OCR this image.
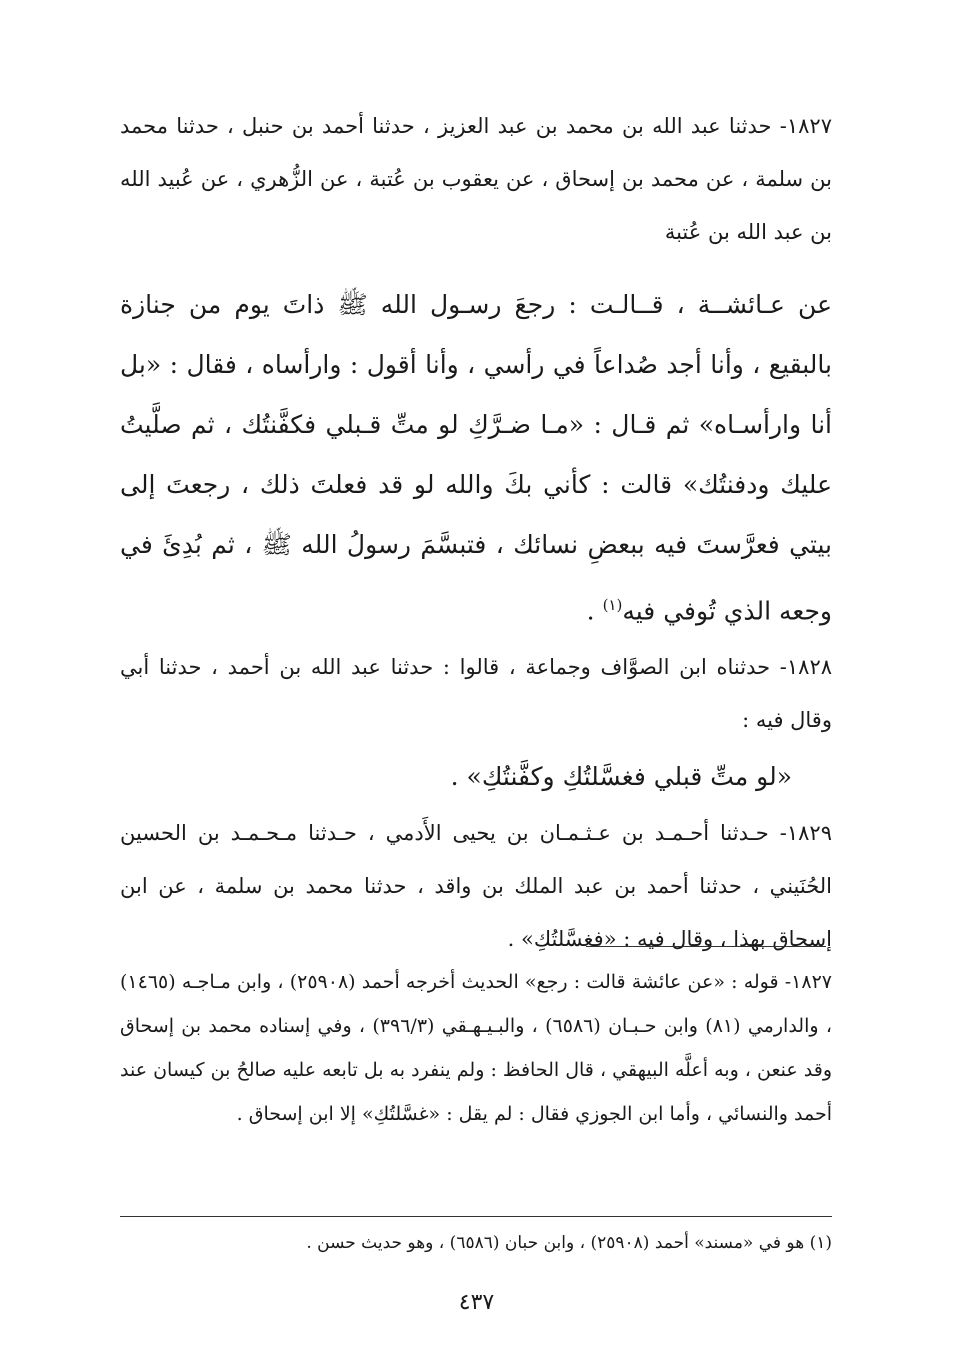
١٨٢٧- حدثنا عبد الله بن محمد بن عبد العزيز ، حدثنا أحمد بن حنبل ، حدثنا محمد بن سلمة ، عن محمد بن إسحاق ، عن يعقوب بن عُتبة ، عن الزُّهري ، عن عُبيد الله بن عبد الله بن عُتبة

عن عـائشــة ، قــالـت : رجعَ رسـول الله ﷺ ذاتَ يوم من جنازة بالبقيع ، وأنا أجد صُداعاً في رأسي ، وأنا أقول : وارأساه ، فقال : «بل أنا وارأسـاه» ثم قـال : «مـا ضـرَّكِ لو متِّ قـبلي فكفَّنتُك ، ثم صلَّيتُ عليك ودفنتُك» قالت : كأني بكَ والله لو قد فعلتَ ذلك ، رجعتَ إلى بيتي فعرَّستَ فيه ببعضِ نسائك ، فتبسَّمَ رسولُ الله ﷺ ، ثم بُدِئَ في وجعه الذي تُوفي فيه$^{(١)}$ .

١٨٢٨- حدثناه ابن الصوَّاف وجماعة ، قالوا : حدثنا عبد الله بن أحمد ، حدثنا أبي وقال فيه :

«لو متِّ قبلي فغسَّلتُكِ وكفَّنتُكِ» .

١٨٢٩- حـدثنا أحـمـد بن عـثـمـان بن يحيى الأَدمي ، حـدثنا مـحـمـد بن الحسين الحُنَيني ، حدثنا أحمد بن عبد الملك بن واقد ، حدثنا محمد بن سلمة ، عن ابن إسحاق بهذا ، وقال فيه : «فغسَّلتُكِ» .

١٨٢٧- قوله : «عن عائشة قالت : رجع» الحديث أخرجه أحمد (٢٥٩٠٨) ، وابن مـاجـه (١٤٦٥) ، والدارمي (٨١) وابن حـبـان (٦٥٨٦) ، والبـيـهـقي (٣٩٦/٣) ، وفي إسناده محمد بن إسحاق وقد عنعن ، وبه أعلَّه البيهقي ، قال الحافظ : ولم ينفرد به بل تابعه عليه صالحُ بن كيسان عند أحمد والنسائي ، وأما ابن الجوزي فقال : لم يقل : «غسَّلتُكِ» إلا ابن إسحاق .

(١) هو في «مسند» أحمد (٢٥٩٠٨) ، وابن حبان (٦٥٨٦) ، وهو حديث حسن .

٤٣٧
